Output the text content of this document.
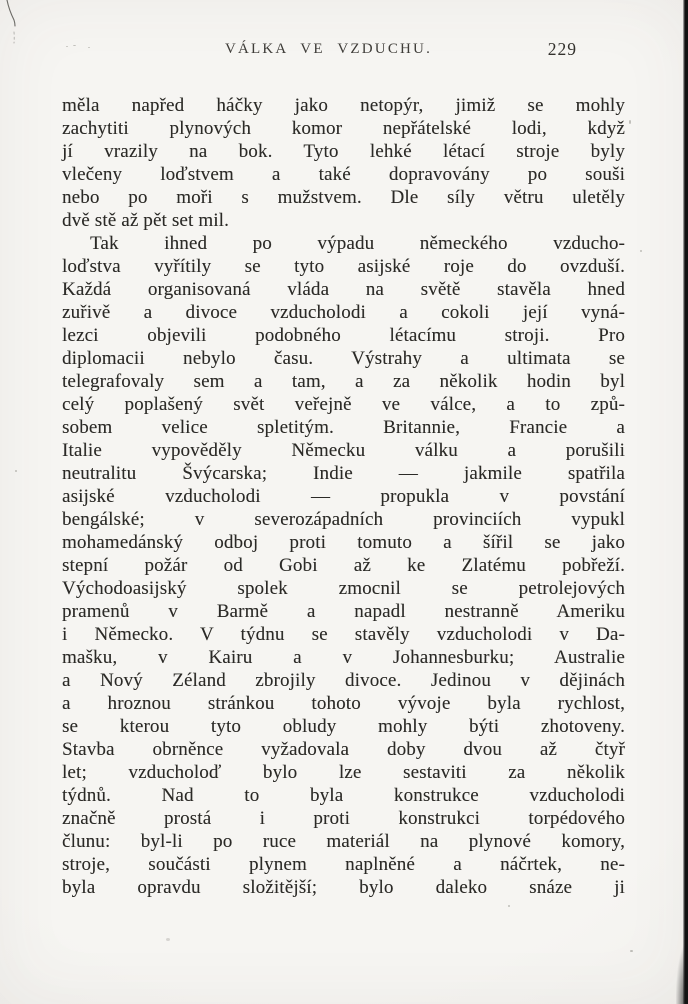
VÁLKA VE VZDUCHU.	229
měla napřed háčky jako netopýr, jimiž se mohly
zachytiti plynových komor nepřátelské lodi, když
jí vrazily na bok. Tyto lehké létací stroje byly
vlečeny loďstvem a také dopravovány po souši
nebo po moři s mužstvem. Dle síly větru uletěly
dvě stě až pět set mil.
Tak ihned po výpadu německého vzducho-
loďstva vyřítily se tyto asijské roje do ovzduší.
Každá organisovaná vláda na světě stavěla hned
zuřivě a divoce vzducholodi a cokoli její vyná-
lezci objevili podobného létacímu stroji. Pro
diplomacii nebylo času. Výstrahy a ultimata se
telegrafovaly sem a tam, a za několik hodin byl
celý poplašený svět veřejně ve válce, a to způ-
sobem velice spletitým. Britannie, Francie a
Italie vypověděly Německu válku a porušili
neutralitu Švýcarska; Indie — jakmile spatřila
asijské vzducholodi — propukla v povstání
bengálské; v severozápadních provinciích vypukl
mohamedánský odboj proti tomuto a šířil se jako
stepní požár od Gobi až ke Zlatému pobřeží.
Východoasijský spolek zmocnil se petrolejových
pramenů v Barmě a napadl nestranně Ameriku
i Německo. V týdnu se stavěly vzducholodi v Da-
mašku, v Kairu a v Johannesburku; Australie
a Nový Zéland zbrojily divoce. Jedinou v dějinách
a hroznou stránkou tohoto vývoje byla rychlost,
se kterou tyto obludy mohly býti zhotoveny.
Stavba obrněnce vyžadovala doby dvou až čtyř
let; vzducholoď bylo lze sestaviti za několik
týdnů. Nad to byla konstrukce vzducholodi
značně prostá i proti konstrukci torpédového
člunu: byl-li po ruce materiál na plynové komory,
stroje, součásti plynem naplněné a náčrtek, ne-
byla opravdu složitější; bylo daleko snáze ji
